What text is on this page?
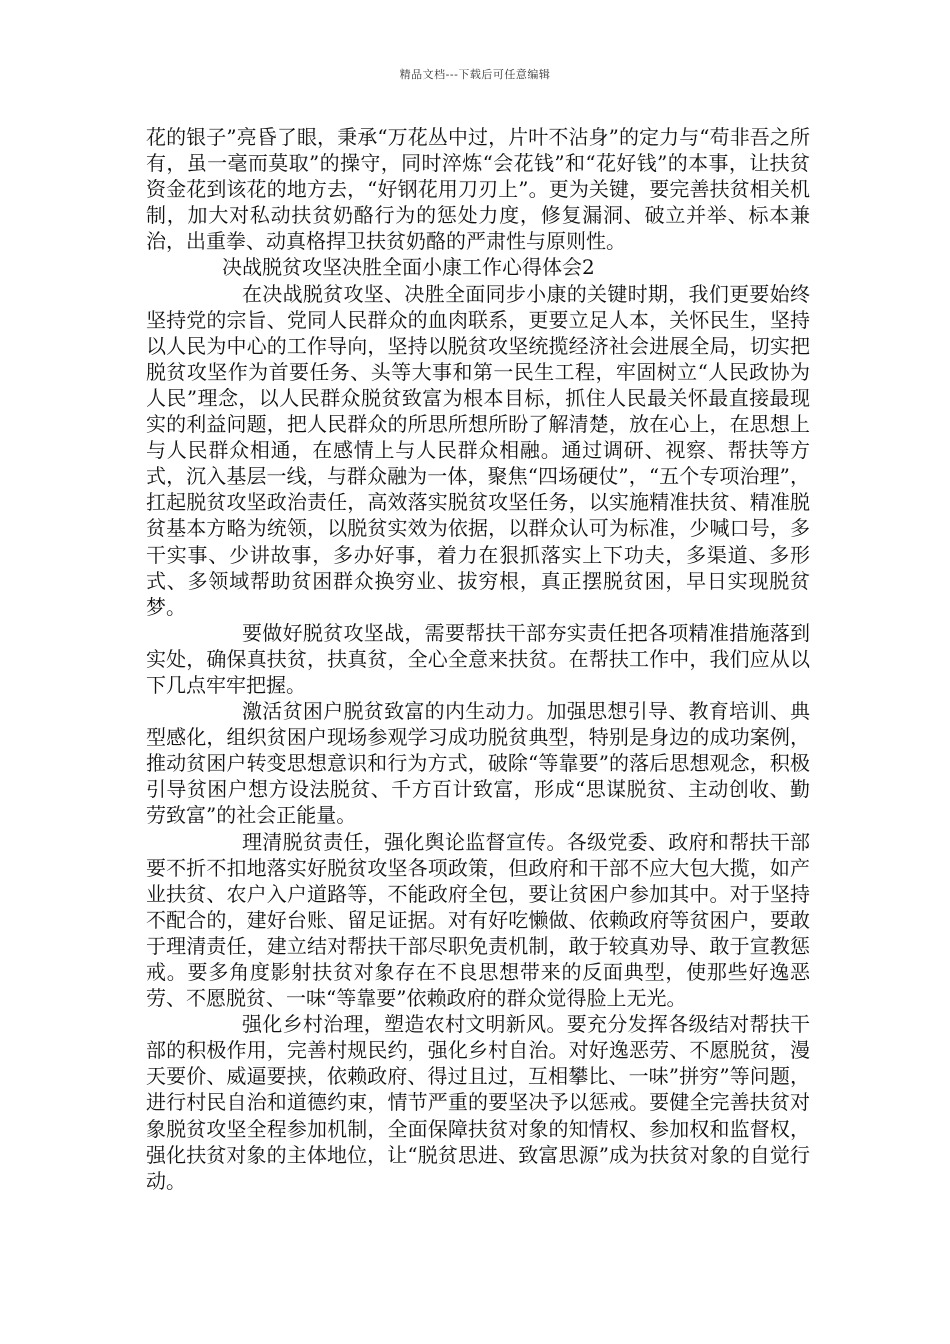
精品文档---下载后可任意编辑

花的银子”亮昏了眼，秉承“万花丛中过，片叶不沾身”的定力与“苟非吾之所有，虽一毫而莫取”的操守，同时淬炼“会花钱”和“花好钱”的本事，让扶贫资金花到该花的地方去，“好钢花用刀刃上”。更为关键，要完善扶贫相关机制，加大对私动扶贫奶酪行为的惩处力度，修复漏洞、破立并举、标本兼治，出重拳、动真格捍卫扶贫奶酪的严肃性与原则性。

决战脱贫攻坚决胜全面小康工作心得体会2

在决战脱贫攻坚、决胜全面同步小康的关键时期，我们更要始终坚持党的宗旨、党同人民群众的血肉联系，更要立足人本，关怀民生，坚持以人民为中心的工作导向，坚持以脱贫攻坚统揽经济社会进展全局，切实把脱贫攻坚作为首要任务、头等大事和第一民生工程，牢固树立“人民政协为人民”理念，以人民群众脱贫致富为根本目标，抓住人民最关怀最直接最现实的利益问题，把人民群众的所思所想所盼了解清楚，放在心上，在思想上与人民群众相通，在感情上与人民群众相融。通过调研、视察、帮扶等方式，沉入基层一线，与群众融为一体，聚焦“四场硬仗”，“五个专项治理”，扛起脱贫攻坚政治责任，高效落实脱贫攻坚任务，以实施精准扶贫、精准脱贫基本方略为统领，以脱贫实效为依据，以群众认可为标准，少喊口号，多干实事、少讲故事，多办好事，着力在狠抓落实上下功夫，多渠道、多形式、多领域帮助贫困群众换穷业、拔穷根，真正摆脱贫困，早日实现脱贫梦。

要做好脱贫攻坚战，需要帮扶干部夯实责任把各项精准措施落到实处，确保真扶贫，扶真贫，全心全意来扶贫。在帮扶工作中，我们应从以下几点牢牢把握。

激活贫困户脱贫致富的内生动力。加强思想引导、教育培训、典型感化，组织贫困户现场参观学习成功脱贫典型，特别是身边的成功案例，推动贫困户转变思想意识和行为方式，破除“等靠要”的落后思想观念，积极引导贫困户想方设法脱贫、千方百计致富，形成“思谋脱贫、主动创收、勤劳致富”的社会正能量。

理清脱贫责任，强化舆论监督宣传。各级党委、政府和帮扶干部要不折不扣地落实好脱贫攻坚各项政策，但政府和干部不应大包大揽，如产业扶贫、农户入户道路等，不能政府全包，要让贫困户参加其中。对于坚持不配合的，建好台账、留足证据。对有好吃懒做、依赖政府等贫困户，要敢于理清责任，建立结对帮扶干部尽职免责机制，敢于较真劝导、敢于宣教惩戒。要多角度影射扶贫对象存在不良思想带来的反面典型，使那些好逸恶劳、不愿脱贫、一味“等靠要”依赖政府的群众觉得脸上无光。

强化乡村治理，塑造农村文明新风。要充分发挥各级结对帮扶干部的积极作用，完善村规民约，强化乡村自治。对好逸恶劳、不愿脱贫，漫天要价、威逼要挟，依赖政府、得过且过，互相攀比、一味”拼穷”等问题，进行村民自治和道德约束，情节严重的要坚决予以惩戒。要健全完善扶贫对象脱贫攻坚全程参加机制，全面保障扶贫对象的知情权、参加权和监督权，强化扶贫对象的主体地位，让“脱贫思进、致富思源”成为扶贫对象的自觉行动。
